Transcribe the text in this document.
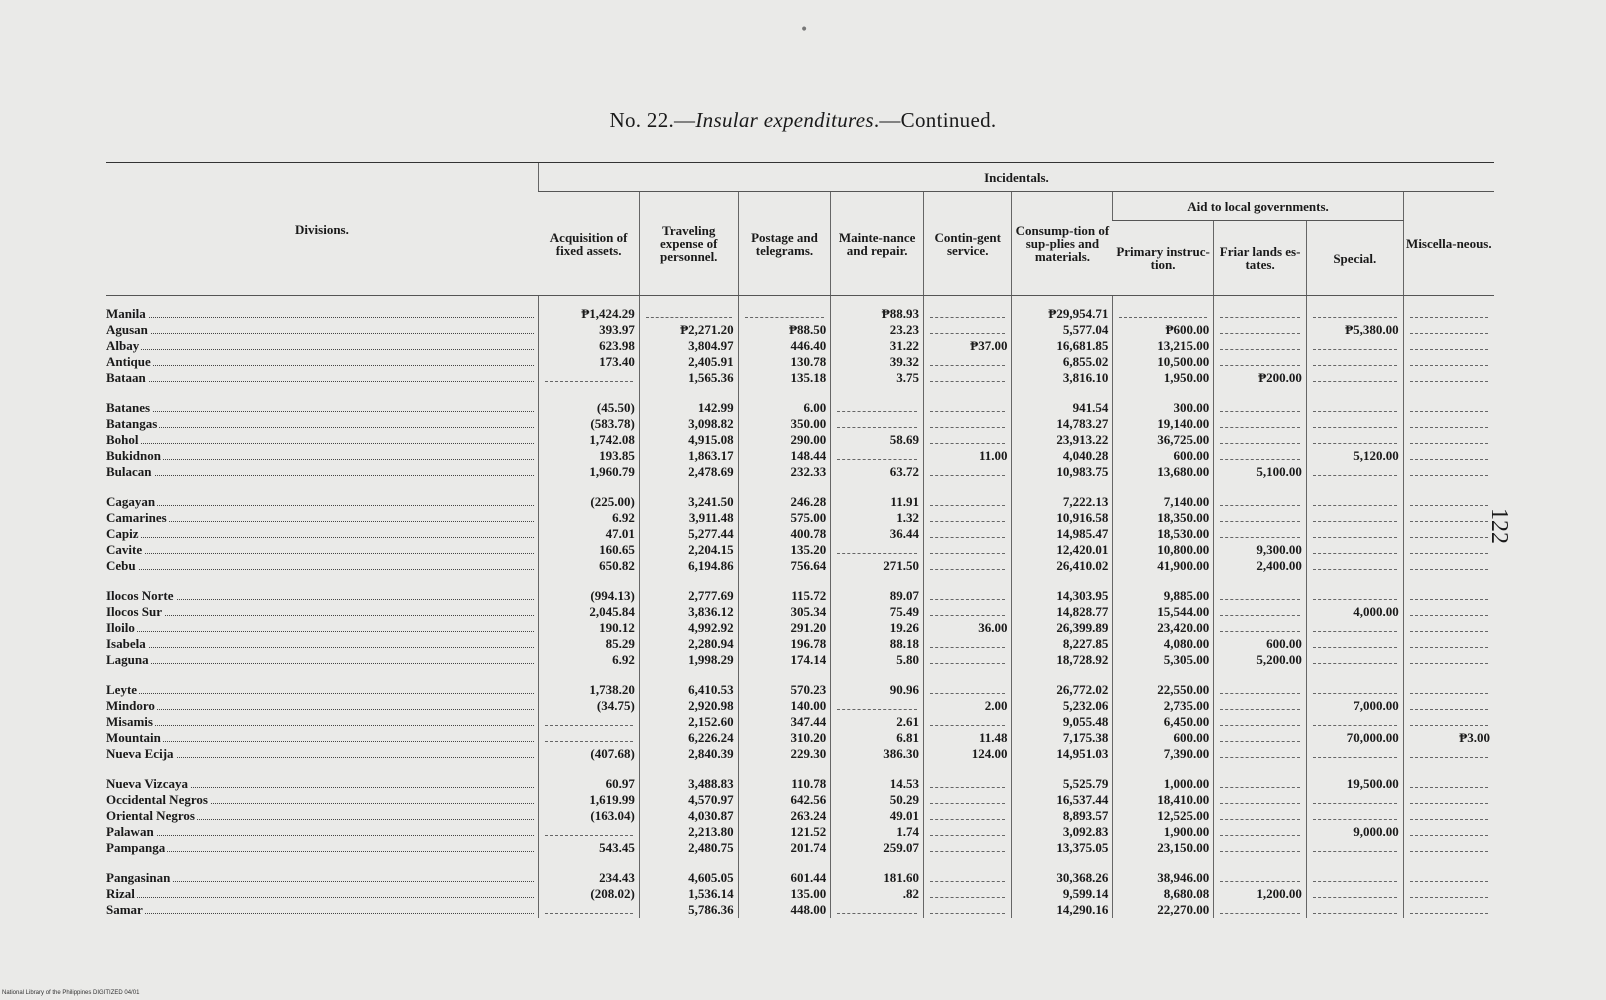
•
No. 22.—Insular expenditures.—Continued.
Divisions.	Incidentals.									
	Acquisition of fixed assets.	Traveling expense of personnel.	Postage and telegrams.	Mainte-nance and repair.	Contin-gent service.	Consump-tion of sup-plies and materials.	Aid to local governments.			Miscella-neous.
							Primary instruc-tion.	Friar lands es-tates.	Special.	
Manila	₱1,424.29			₱88.93		₱29,954.71				
Agusan	393.97	₱2,271.20	₱88.50	23.23		5,577.04	₱600.00		₱5,380.00	
Albay	623.98	3,804.97	446.40	31.22	₱37.00	16,681.85	13,215.00			
Antique	173.40	2,405.91	130.78	39.32		6,855.02	10,500.00			
Bataan		1,565.36	135.18	3.75		3,816.10	1,950.00	₱200.00		

Batanes	(45.50)	142.99	6.00			941.54	300.00			
Batangas	(583.78)	3,098.82	350.00			14,783.27	19,140.00			
Bohol	1,742.08	4,915.08	290.00	58.69		23,913.22	36,725.00			
Bukidnon	193.85	1,863.17	148.44		11.00	4,040.28	600.00		5,120.00	
Bulacan	1,960.79	2,478.69	232.33	63.72		10,983.75	13,680.00	5,100.00		

Cagayan	(225.00)	3,241.50	246.28	11.91		7,222.13	7,140.00			
Camarines	6.92	3,911.48	575.00	1.32		10,916.58	18,350.00			
Capiz	47.01	5,277.44	400.78	36.44		14,985.47	18,530.00			
Cavite	160.65	2,204.15	135.20			12,420.01	10,800.00	9,300.00		
Cebu	650.82	6,194.86	756.64	271.50		26,410.02	41,900.00	2,400.00		

Ilocos Norte	(994.13)	2,777.69	115.72	89.07		14,303.95	9,885.00			
Ilocos Sur	2,045.84	3,836.12	305.34	75.49		14,828.77	15,544.00		4,000.00	
Iloilo	190.12	4,992.92	291.20	19.26	36.00	26,399.89	23,420.00			
Isabela	85.29	2,280.94	196.78	88.18		8,227.85	4,080.00	600.00		
Laguna	6.92	1,998.29	174.14	5.80		18,728.92	5,305.00	5,200.00		

Leyte	1,738.20	6,410.53	570.23	90.96		26,772.02	22,550.00			
Mindoro	(34.75)	2,920.98	140.00		2.00	5,232.06	2,735.00		7,000.00	
Misamis		2,152.60	347.44	2.61		9,055.48	6,450.00			
Mountain		6,226.24	310.20	6.81	11.48	7,175.38	600.00		70,000.00	₱3.00
Nueva Ecija	(407.68)	2,840.39	229.30	386.30	124.00	14,951.03	7,390.00			

Nueva Vizcaya	60.97	3,488.83	110.78	14.53		5,525.79	1,000.00		19,500.00	
Occidental Negros	1,619.99	4,570.97	642.56	50.29		16,537.44	18,410.00			
Oriental Negros	(163.04)	4,030.87	263.24	49.01		8,893.57	12,525.00			
Palawan		2,213.80	121.52	1.74		3,092.83	1,900.00		9,000.00	
Pampanga	543.45	2,480.75	201.74	259.07		13,375.05	23,150.00			

Pangasinan	234.43	4,605.05	601.44	181.60		30,368.26	38,946.00			
Rizal	(208.02)	1,536.14	135.00	.82		9,599.14	8,680.08	1,200.00		
Samar		5,786.36	448.00			14,290.16	22,270.00			
122
National Library of the Philippines DIGITIZED 04/01
